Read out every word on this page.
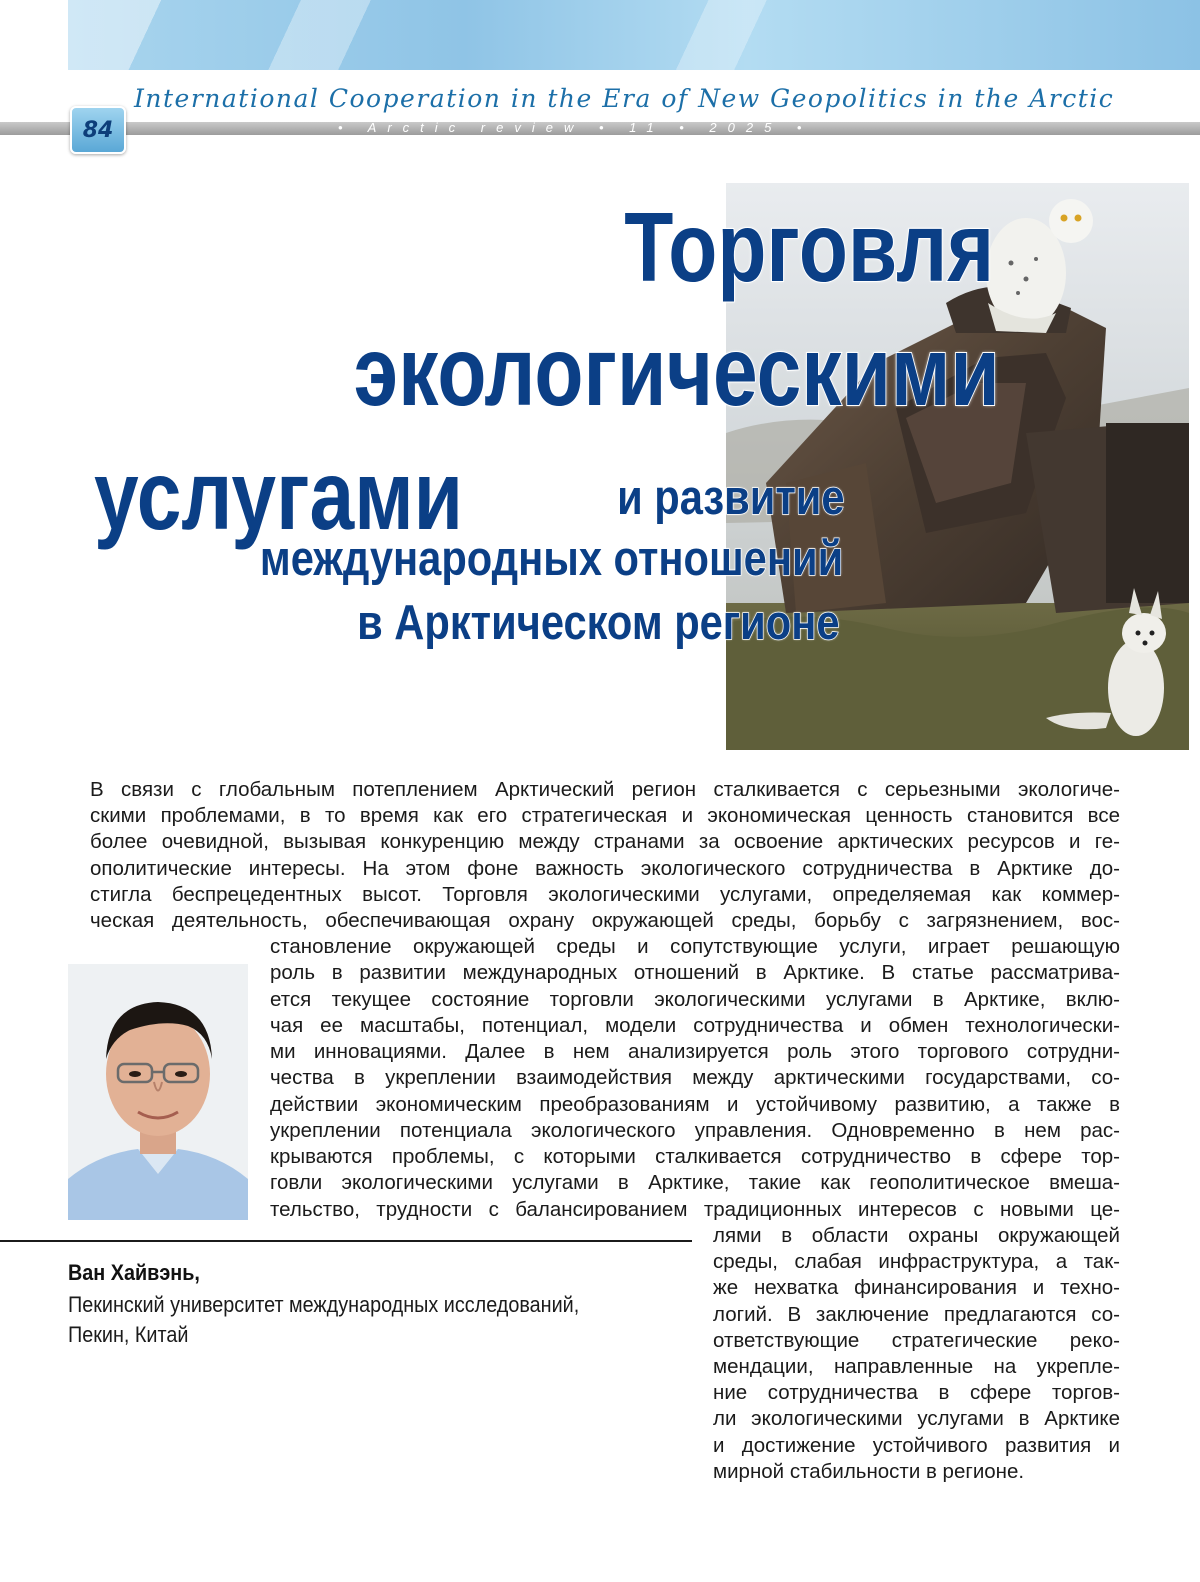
International Cooperation in the Era of New Geopolitics in the Arctic
• Arctic review • 11 • 2025 •
84
Торговля
экологическими
услугами	и развитие
международных отношений
в Арктическом регионе
В связи с глобальным потеплением Арктический регион сталкивается с серьезными экологиче-
скими проблемами, в то время как его стратегическая и экономическая ценность становится все
более очевидной, вызывая конкуренцию между странами за освоение арктических ресурсов и ге-
ополитические интересы. На этом фоне важность экологического сотрудничества в Арктике до-
стигла беспрецедентных высот. Торговля экологическими услугами, определяемая как коммер-
ческая деятельность, обеспечивающая охрану окружающей среды, борьбу с загрязнением, вос-
становление окружающей среды и сопутствующие услуги, играет решающую
роль в развитии международных отношений в Арктике. В статье рассматрива-
ется текущее состояние торговли экологическими услугами в Арктике, вклю-
чая ее масштабы, потенциал, модели сотрудничества и обмен технологически-
ми инновациями. Далее в нем анализируется роль этого торгового сотрудни-
чества в укреплении взаимодействия между арктическими государствами, со-
действии экономическим преобразованиям и устойчивому развитию, а также в
укреплении потенциала экологического управления. Одновременно в нем рас-
крываются проблемы, с которыми сталкивается сотрудничество в сфере тор-
говли экологическими услугами в Арктике, такие как геополитическое вмеша-
тельство, трудности с балансированием традиционных интересов с новыми це-
лями в области охраны окружающей
среды, слабая инфраструктура, а так-
же нехватка финансирования и техно-
логий. В заключение предлагаются со-
ответствующие стратегические реко-
мендации, направленные на укрепле-
ние сотрудничества в сфере торгов-
ли экологическими услугами в Арктике
и достижение устойчивого развития и
мирной стабильности в регионе.
Ван Хайвэнь,
Пекинский университет международных исследований,
Пекин, Китай
